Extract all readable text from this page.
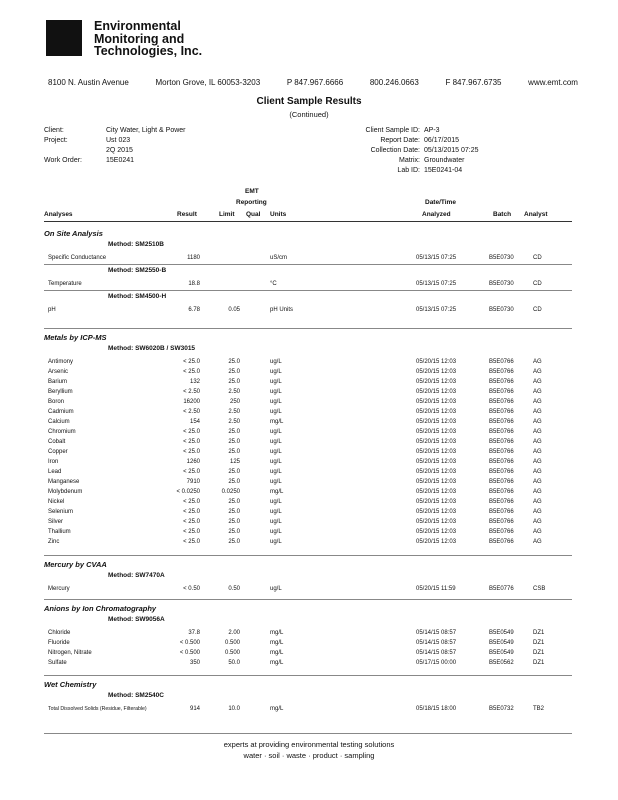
Environmental
Monitoring and
Technologies, Inc.
8100 N. Austin Avenue	Morton Grove, IL 60053-3203	P 847.967.6666	800.246.0663	F 847.967.6735	www.emt.com
Client Sample Results
(Continued)
Client:	City Water, Light & Power
Project:	Ust 023
2Q 2015
Work Order:	15E0241
Client Sample ID: AP-3
Report Date: 06/17/2015
Collection Date: 05/13/2015 07:25
Matrix: Groundwater
Lab ID: 15E0241-04
EMT
Reporting
Analyses	Result	Limit Qual Units
Date/Time
Analyzed	Batch Analyst
On Site Analysis
Method: SM2510B
Specific Conductance	1180	uS/cm	05/13/15 07:25	B5E0730	CD
Method: SM2550-B
Temperature	18.8	°C	05/13/15 07:25	B5E0730	CD
Method: SM4500-H
pH	6.78	0.05	pH Units	05/13/15 07:25	B5E0730	CD
Metals by ICP-MS
Method: SW6020B / SW3015
Antimony	< 25.0	25.0	ug/L	05/20/15 12:03	B5E0766	AG
Arsenic	< 25.0	25.0	ug/L	05/20/15 12:03	B5E0766	AG
Barium	132	25.0	ug/L	05/20/15 12:03	B5E0766	AG
Beryllium	< 2.50	2.50	ug/L	05/20/15 12:03	B5E0766	AG
Boron	16200	250	ug/L	05/20/15 12:03	B5E0766	AG
Cadmium	< 2.50	2.50	ug/L	05/20/15 12:03	B5E0766	AG
Calcium	154	2.50	mg/L	05/20/15 12:03	B5E0766	AG
Chromium	< 25.0	25.0	ug/L	05/20/15 12:03	B5E0766	AG
Cobalt	< 25.0	25.0	ug/L	05/20/15 12:03	B5E0766	AG
Copper	< 25.0	25.0	ug/L	05/20/15 12:03	B5E0766	AG
Iron	1260	125	ug/L	05/20/15 12:03	B5E0766	AG
Lead	< 25.0	25.0	ug/L	05/20/15 12:03	B5E0766	AG
Manganese	7910	25.0	ug/L	05/20/15 12:03	B5E0766	AG
Molybdenum	< 0.0250	0.0250	mg/L	05/20/15 12:03	B5E0766	AG
Nickel	< 25.0	25.0	ug/L	05/20/15 12:03	B5E0766	AG
Selenium	< 25.0	25.0	ug/L	05/20/15 12:03	B5E0766	AG
Silver	< 25.0	25.0	ug/L	05/20/15 12:03	B5E0766	AG
Thallium	< 25.0	25.0	ug/L	05/20/15 12:03	B5E0766	AG
Zinc	< 25.0	25.0	ug/L	05/20/15 12:03	B5E0766	AG
Mercury by CVAA
Method: SW7470A
Mercury	< 0.50	0.50	ug/L	05/20/15 11:59	B5E0776	CSB
Anions by Ion Chromatography
Method: SW9056A
Chloride	37.8	2.00	mg/L	05/14/15 08:57	B5E0549	DZ1
Fluoride	< 0.500	0.500	mg/L	05/14/15 08:57	B5E0549	DZ1
Nitrogen, Nitrate	< 0.500	0.500	mg/L	05/14/15 08:57	B5E0549	DZ1
Sulfate	350	50.0	mg/L	05/17/15 00:00	B5E0562	DZ1
Wet Chemistry
Method: SM2540C
Total Dissolved Solids (Residue, Filterable)	914	10.0	mg/L	05/18/15 18:00	B5E0732	TB2
experts at providing environmental testing solutions
water · soil · waste · product · sampling
